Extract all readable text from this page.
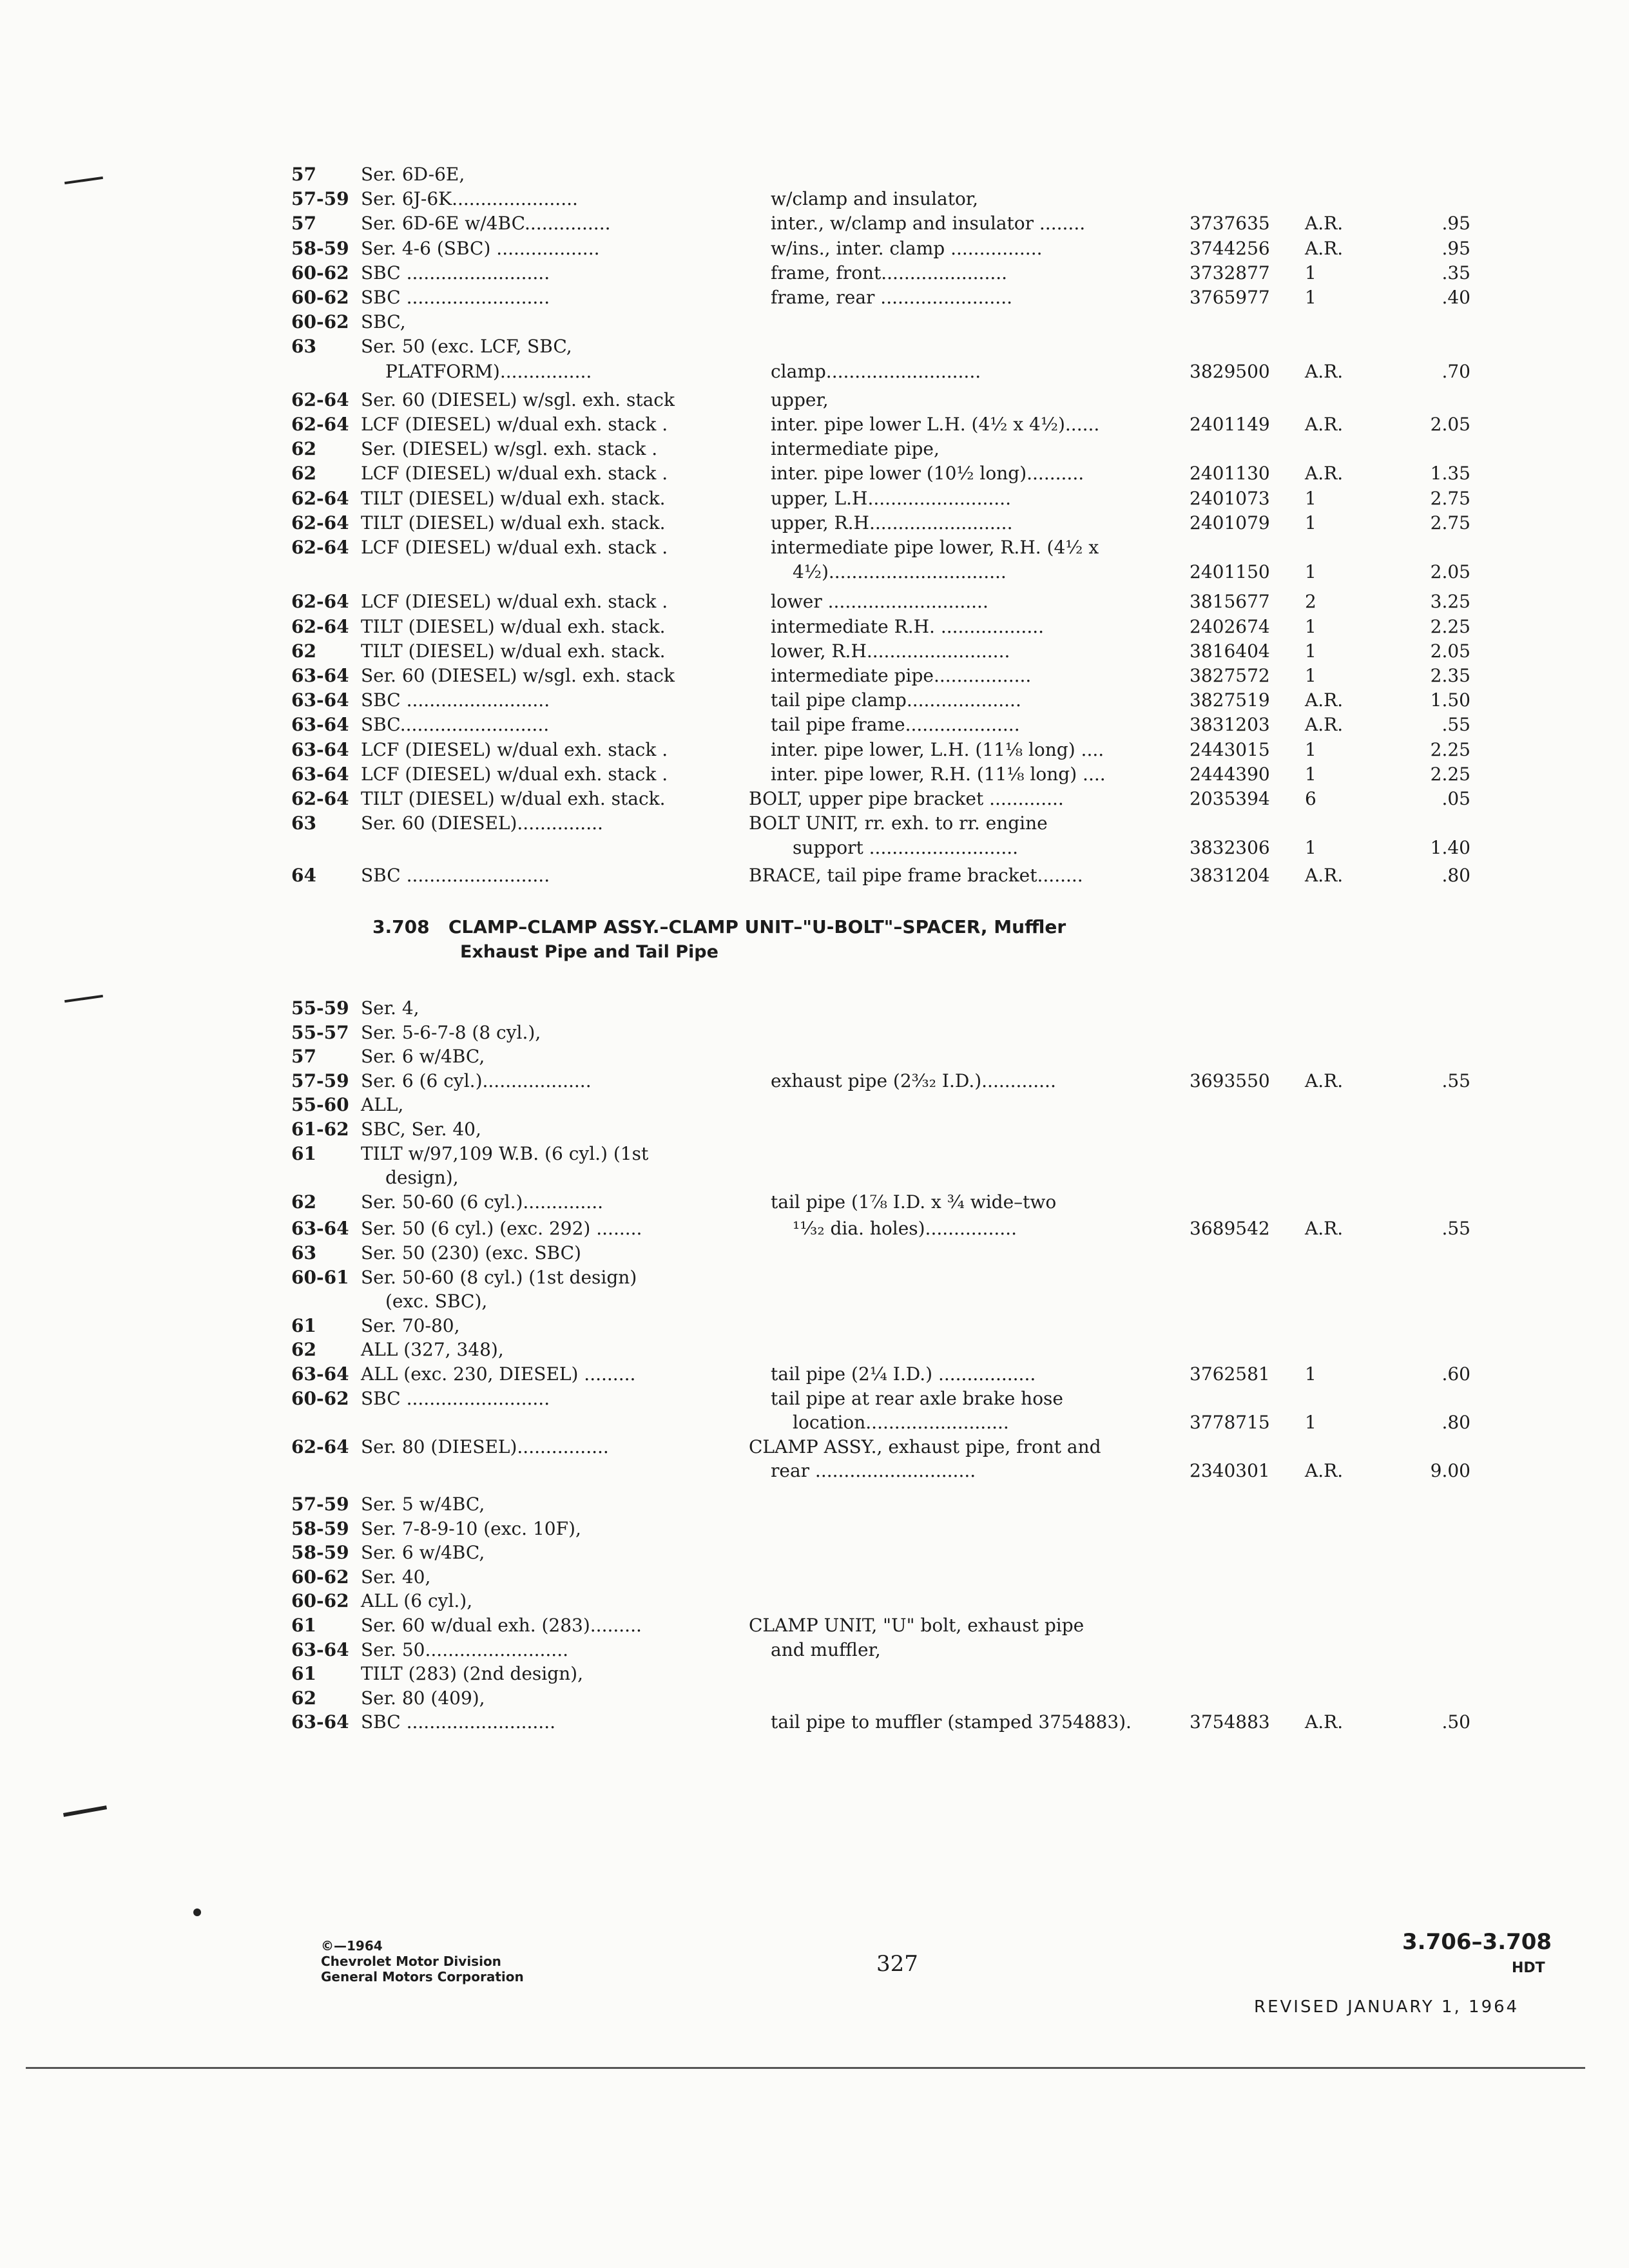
57 Ser. 6D-6E,
57-59 Ser. 6J-6K......................	w/clamp and insulator,
57 Ser. 6D-6E w/4BC...............	inter., w/clamp and insulator ........	3737635 A.R.	.95
58-59 Ser. 4-6 (SBC) ..................	w/ins., inter. clamp ................	3744256 A.R.	.95
60-62 SBC .........................	frame, front......................	3732877 1	.35
60-62 SBC .........................	frame, rear .......................	3765977 1	.40
60-62 SBC,
63 Ser. 50 (exc. LCF, SBC,
PLATFORM)................	clamp...........................	3829500 A.R.	.70
62-64 Ser. 60 (DIESEL) w/sgl. exh. stack	upper,
62-64 LCF (DIESEL) w/dual exh. stack .	inter. pipe lower L.H. (4½ x 4½)......	2401149 A.R.	2.05
62 Ser. (DIESEL) w/sgl. exh. stack .	intermediate pipe,
62 LCF (DIESEL) w/dual exh. stack .	inter. pipe lower (10½ long)..........	2401130 A.R.	1.35
62-64 TILT (DIESEL) w/dual exh. stack.	upper, L.H.........................	2401073 1	2.75
62-64 TILT (DIESEL) w/dual exh. stack.	upper, R.H.........................	2401079 1	2.75
62-64 LCF (DIESEL) w/dual exh. stack .	intermediate pipe lower, R.H. (4½ x
4½)...............................	2401150 1	2.05
62-64 LCF (DIESEL) w/dual exh. stack .	lower ............................	3815677 2	3.25
62-64 TILT (DIESEL) w/dual exh. stack.	intermediate R.H. ..................	2402674 1	2.25
62 TILT (DIESEL) w/dual exh. stack.	lower, R.H.........................	3816404 1	2.05
63-64 Ser. 60 (DIESEL) w/sgl. exh. stack	intermediate pipe.................	3827572 1	2.35
63-64 SBC .........................	tail pipe clamp....................	3827519 A.R.	1.50
63-64 SBC..........................	tail pipe frame....................	3831203 A.R.	.55
63-64 LCF (DIESEL) w/dual exh. stack .	inter. pipe lower, L.H. (11⅛ long) ....	2443015 1	2.25
63-64 LCF (DIESEL) w/dual exh. stack .	inter. pipe lower, R.H. (11⅛ long) ....	2444390 1	2.25
62-64 TILT (DIESEL) w/dual exh. stack.	BOLT, upper pipe bracket .............	2035394 6	.05
63 Ser. 60 (DIESEL)...............	BOLT UNIT, rr. exh. to rr. engine
support ..........................	3832306 1	1.40
64 SBC .........................	BRACE, tail pipe frame bracket........	3831204 A.R.	.80
3.708 CLAMP–CLAMP ASSY.–CLAMP UNIT–"U-BOLT"–SPACER, Muffler
Exhaust Pipe and Tail Pipe
55-59 Ser. 4,
55-57 Ser. 5-6-7-8 (8 cyl.),
57 Ser. 6 w/4BC,
57-59 Ser. 6 (6 cyl.)...................	exhaust pipe (2³⁄₃₂ I.D.).............	3693550 A.R.	.55
55-60 ALL,
61-62 SBC, Ser. 40,
61 TILT w/97,109 W.B. (6 cyl.) (1st
design),
62 Ser. 50-60 (6 cyl.)..............	tail pipe (1⅞ I.D. x ¾ wide–two
63-64 Ser. 50 (6 cyl.) (exc. 292) ........	¹¹⁄₃₂ dia. holes)................	3689542 A.R.	.55
63 Ser. 50 (230) (exc. SBC)
60-61 Ser. 50-60 (8 cyl.) (1st design)
(exc. SBC),
61 Ser. 70-80,
62 ALL (327, 348),
63-64 ALL (exc. 230, DIESEL) .........	tail pipe (2¼ I.D.) .................	3762581 1	.60
60-62 SBC .........................	tail pipe at rear axle brake hose
location.........................	3778715 1	.80
62-64 Ser. 80 (DIESEL)................	CLAMP ASSY., exhaust pipe, front and
rear ............................	2340301 A.R.	9.00
57-59 Ser. 5 w/4BC,
58-59 Ser. 7-8-9-10 (exc. 10F),
58-59 Ser. 6 w/4BC,
60-62 Ser. 40,
60-62 ALL (6 cyl.),
61 Ser. 60 w/dual exh. (283).........	CLAMP UNIT, "U" bolt, exhaust pipe
63-64 Ser. 50.........................	and muffler,
61 TILT (283) (2nd design),
62 Ser. 80 (409),
63-64 SBC ..........................	tail pipe to muffler (stamped 3754883).	3754883 A.R.	.50
©—1964
Chevrolet Motor Division
General Motors Corporation	327
3.706–3.708
HDT
REVISED JANUARY 1, 1964
